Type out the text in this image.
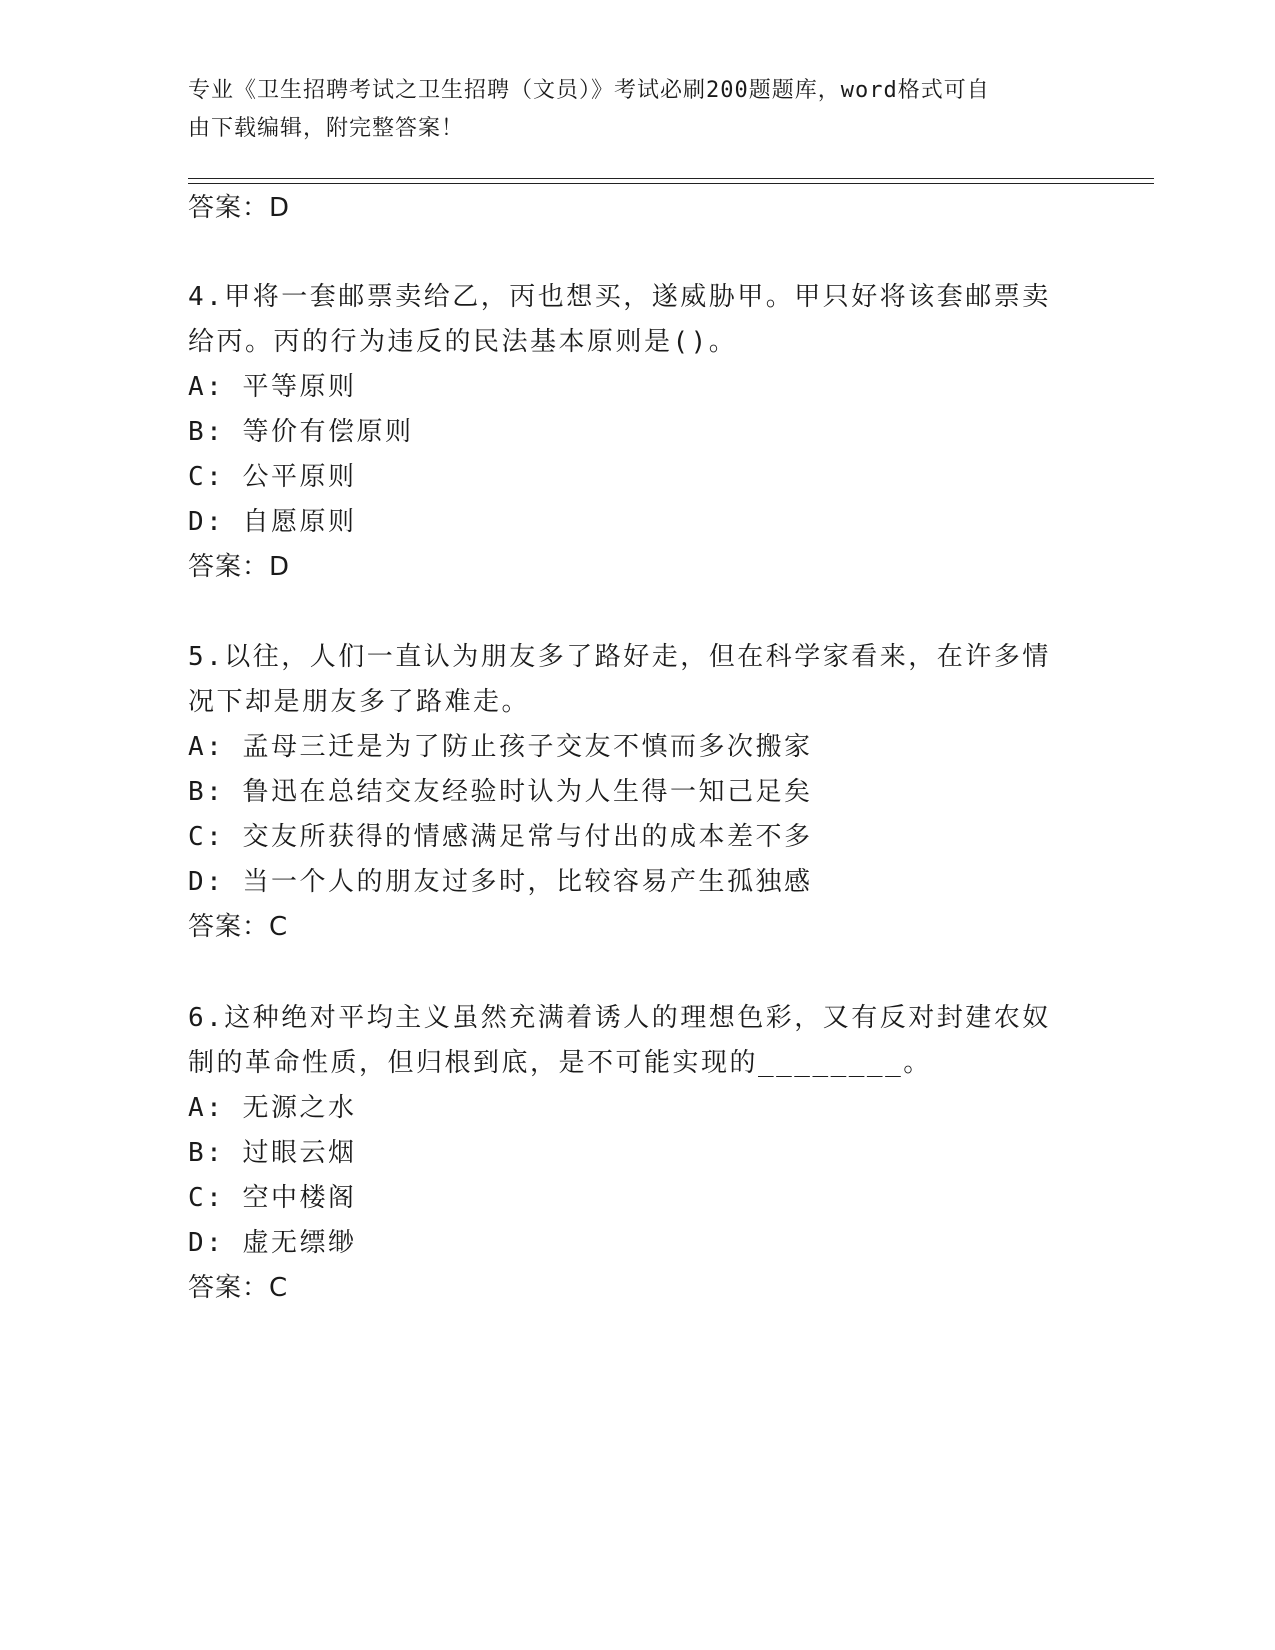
专业《卫生招聘考试之卫生招聘（文员）》考试必刷200题题库，word格式可自
由下载编辑，附完整答案！
答案：D
4.甲将一套邮票卖给乙，丙也想买，遂威胁甲。甲只好将该套邮票卖
给丙。丙的行为违反的民法基本原则是()。
A: 平等原则
B: 等价有偿原则
C: 公平原则
D: 自愿原则
答案：D
5.以往，人们一直认为朋友多了路好走，但在科学家看来，在许多情
况下却是朋友多了路难走。
A: 孟母三迁是为了防止孩子交友不慎而多次搬家
B: 鲁迅在总结交友经验时认为人生得一知己足矣
C: 交友所获得的情感满足常与付出的成本差不多
D: 当一个人的朋友过多时，比较容易产生孤独感
答案：C
6.这种绝对平均主义虽然充满着诱人的理想色彩，又有反对封建农奴
制的革命性质，但归根到底，是不可能实现的________。
A: 无源之水
B: 过眼云烟
C: 空中楼阁
D: 虚无缥缈
答案：C
